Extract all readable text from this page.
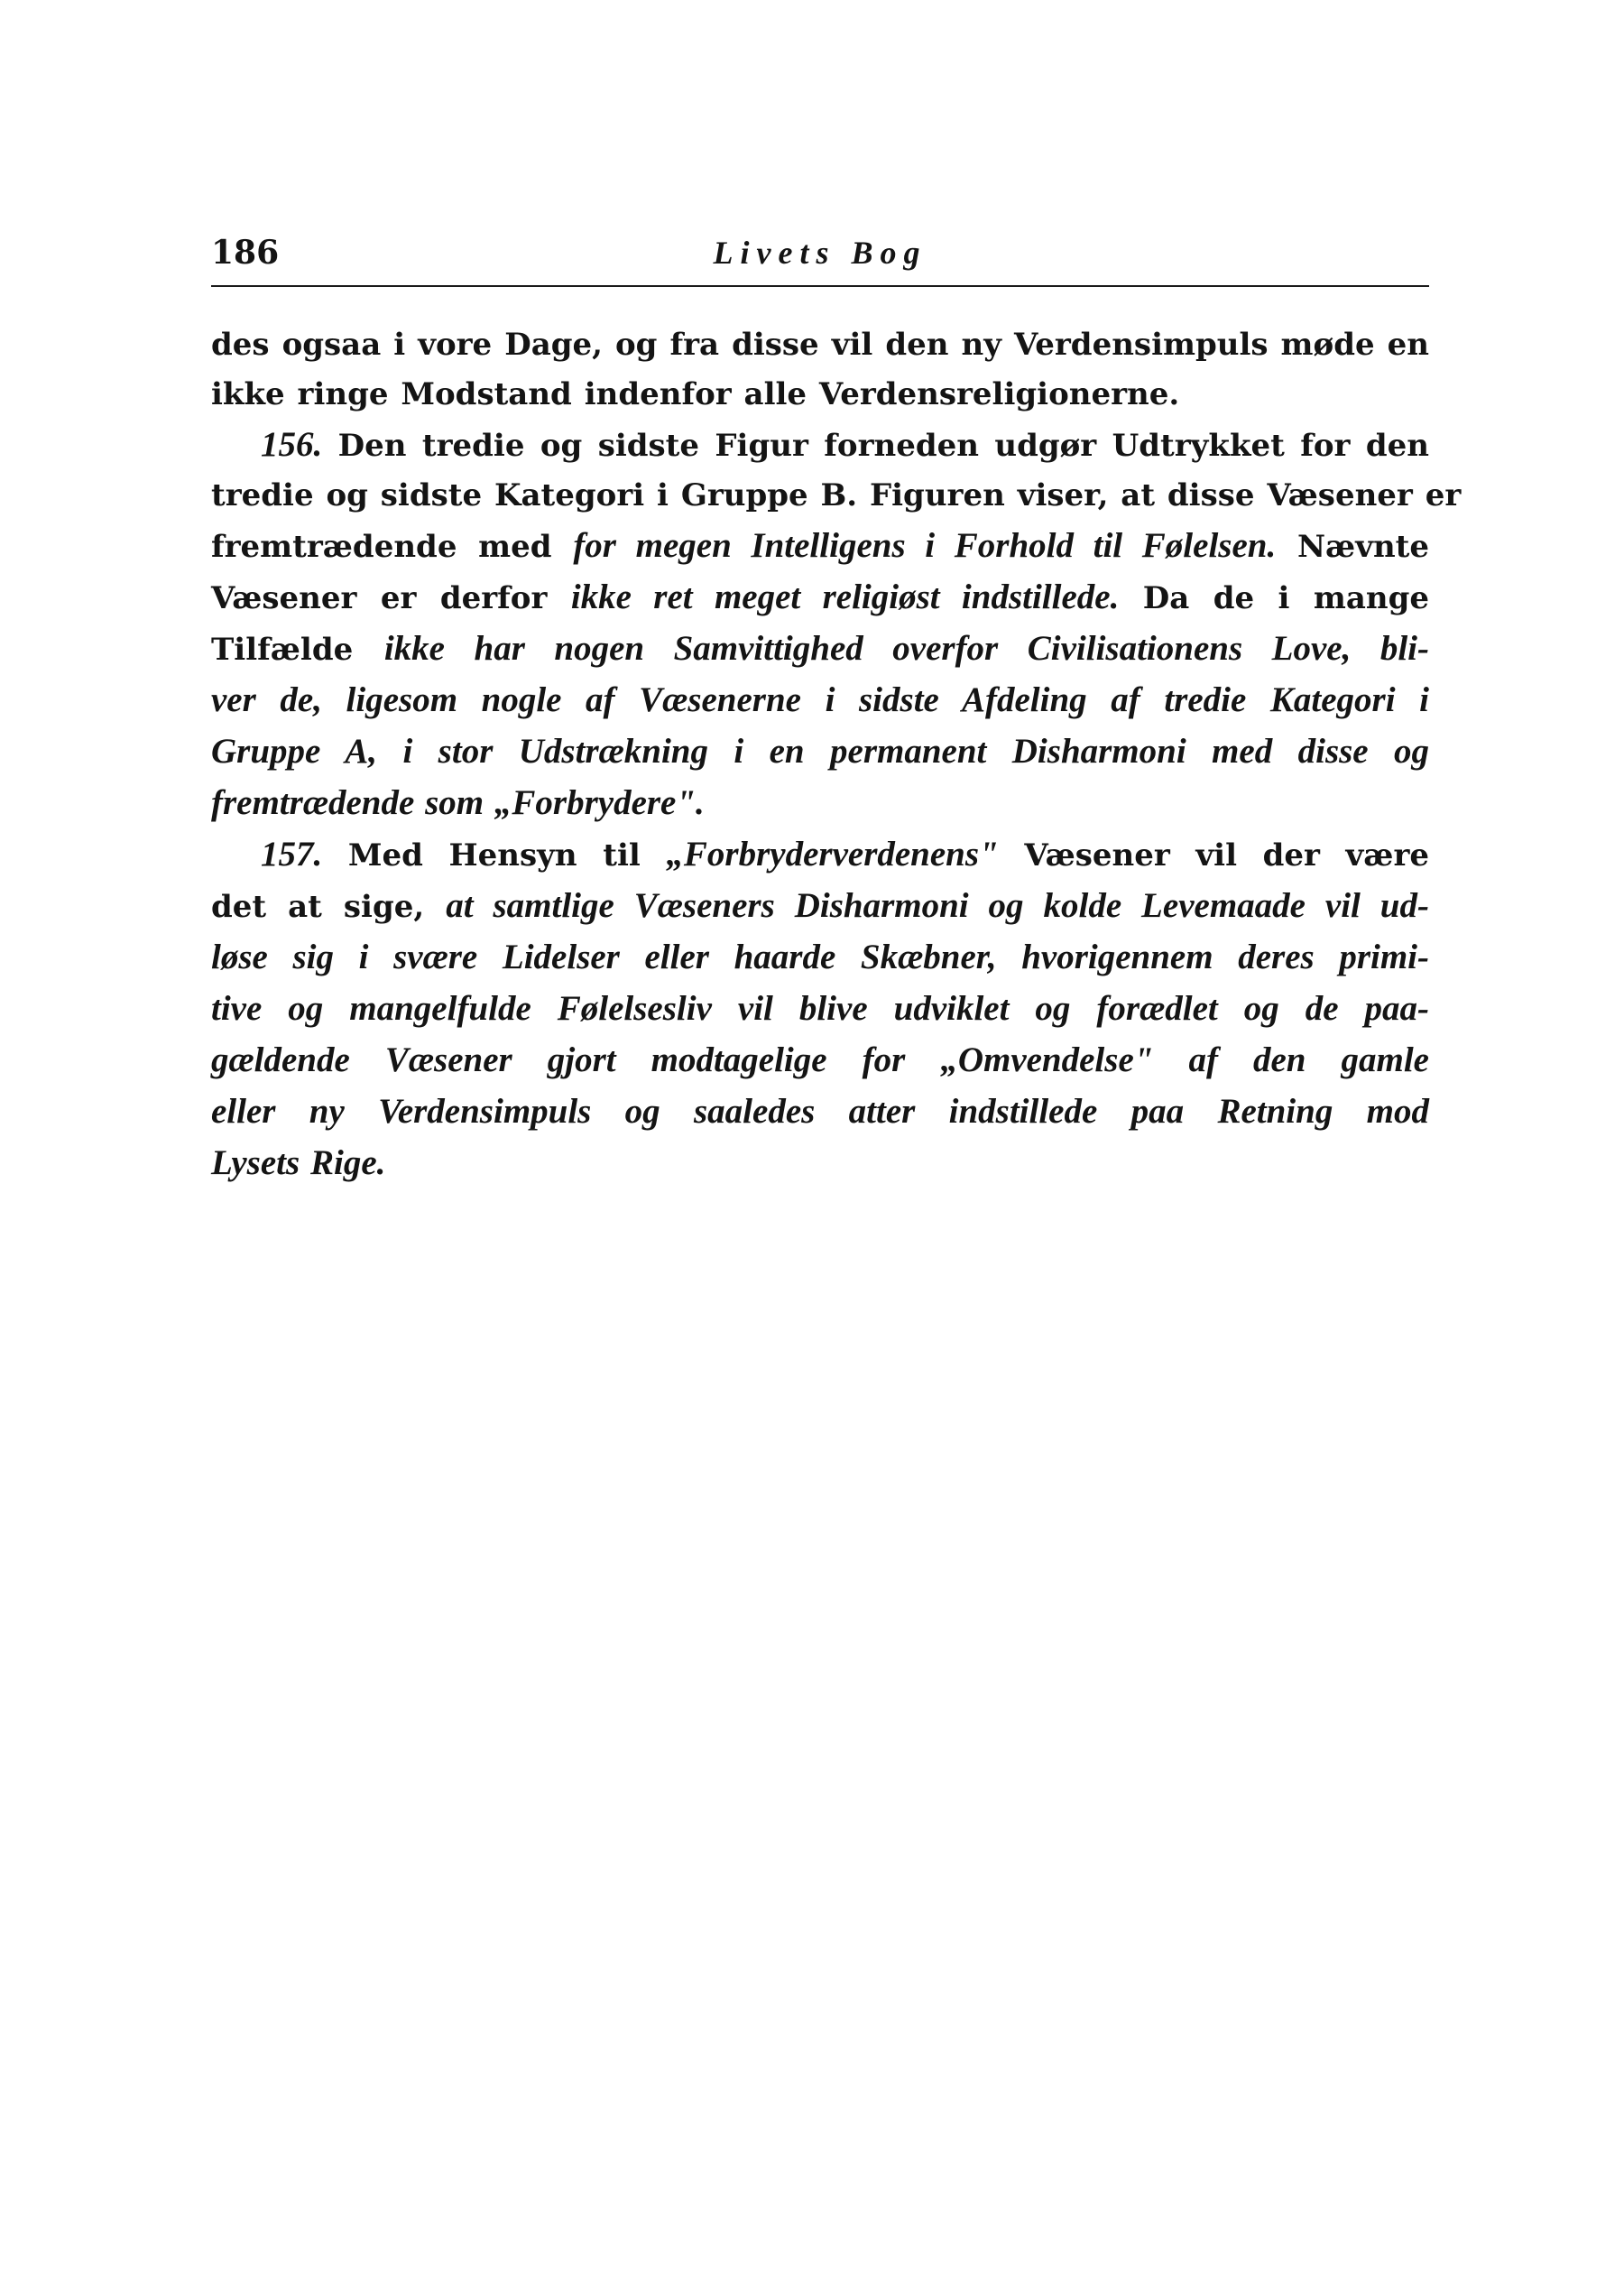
186	Livets Bog
des ogsaa i vore Dage, og fra disse vil den ny Verdensimpuls møde en
ikke ringe Modstand indenfor alle Verdensreligionerne.
156. Den tredie og sidste Figur forneden udgør Udtrykket for den
tredie og sidste Kategori i Gruppe B. Figuren viser, at disse Væsener er
fremtrædende med for megen Intelligens i Forhold til Følelsen. Nævnte
Væsener er derfor ikke ret meget religiøst indstillede. Da de i mange
Tilfælde ikke har nogen Samvittighed overfor Civilisationens Love, bli-
ver de, ligesom nogle af Væsenerne i sidste Afdeling af tredie Kategori i
Gruppe A, i stor Udstrækning i en permanent Disharmoni med disse og
fremtrædende som „Forbrydere".
157. Med Hensyn til „Forbryderverdenens" Væsener vil der være
det at sige, at samtlige Væseners Disharmoni og kolde Levemaade vil ud-
løse sig i svære Lidelser eller haarde Skæbner, hvorigennem deres primi-
tive og mangelfulde Følelsesliv vil blive udviklet og forædlet og de paa-
gældende Væsener gjort modtagelige for „Omvendelse" af den gamle
eller ny Verdensimpuls og saaledes atter indstillede paa Retning mod
Lysets Rige.
